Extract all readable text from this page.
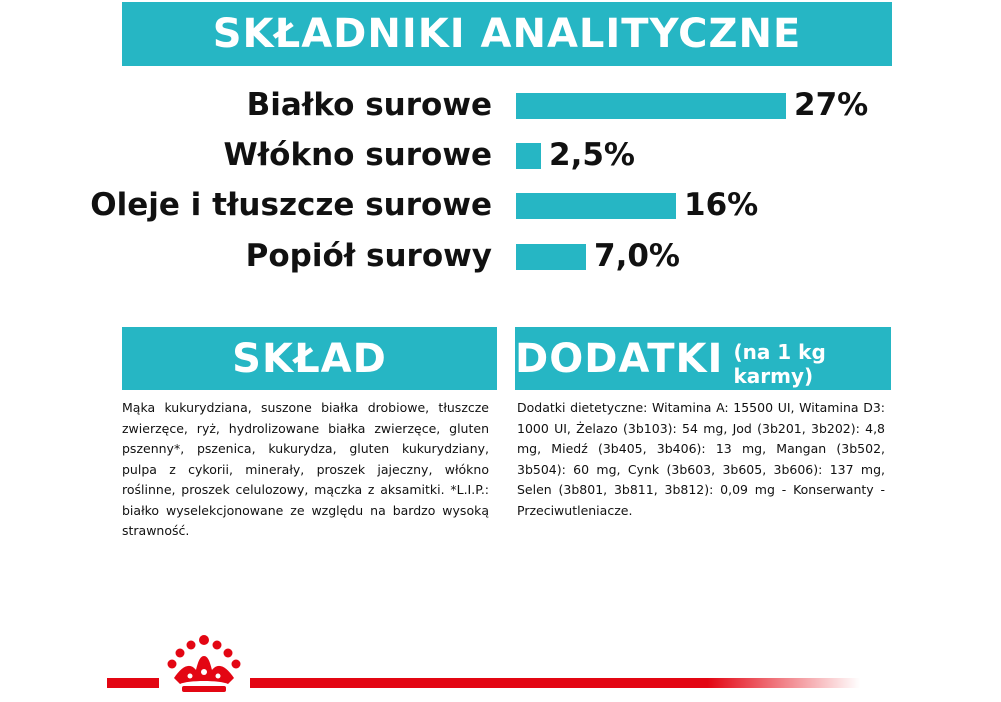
SKŁADNIKI ANALITYCZNE
Białko surowe	27%
Włókno surowe 2,5%
Oleje i tłuszcze surowe	16%
Popiół surowy	7,0%
SKŁAD
Mąka kukurydziana, suszone białka drobiowe, tłuszcze zwierzęce, ryż, hydrolizowane białka zwierzęce, gluten pszenny*, pszenica, kukurydza, gluten kukurydziany, pulpa z cykorii, minerały, proszek jajeczny, włókno roślinne, proszek celulozowy, mączka z aksamitki. *L.I.P.: białko wyselekcjonowane ze względu na bardzo wysoką strawność.
DODATKI (na 1 kg karmy)
Dodatki dietetyczne: Witamina A: 15500 UI, Witamina D3: 1000 UI, Żelazo (3b103): 54 mg, Jod (3b201, 3b202): 4,8 mg, Miedź (3b405, 3b406): 13 mg, Mangan (3b502, 3b504): 60 mg, Cynk (3b603, 3b605, 3b606): 137 mg, Selen (3b801, 3b811, 3b812): 0,09 mg - Konserwanty - Przeciwutleniacze.
